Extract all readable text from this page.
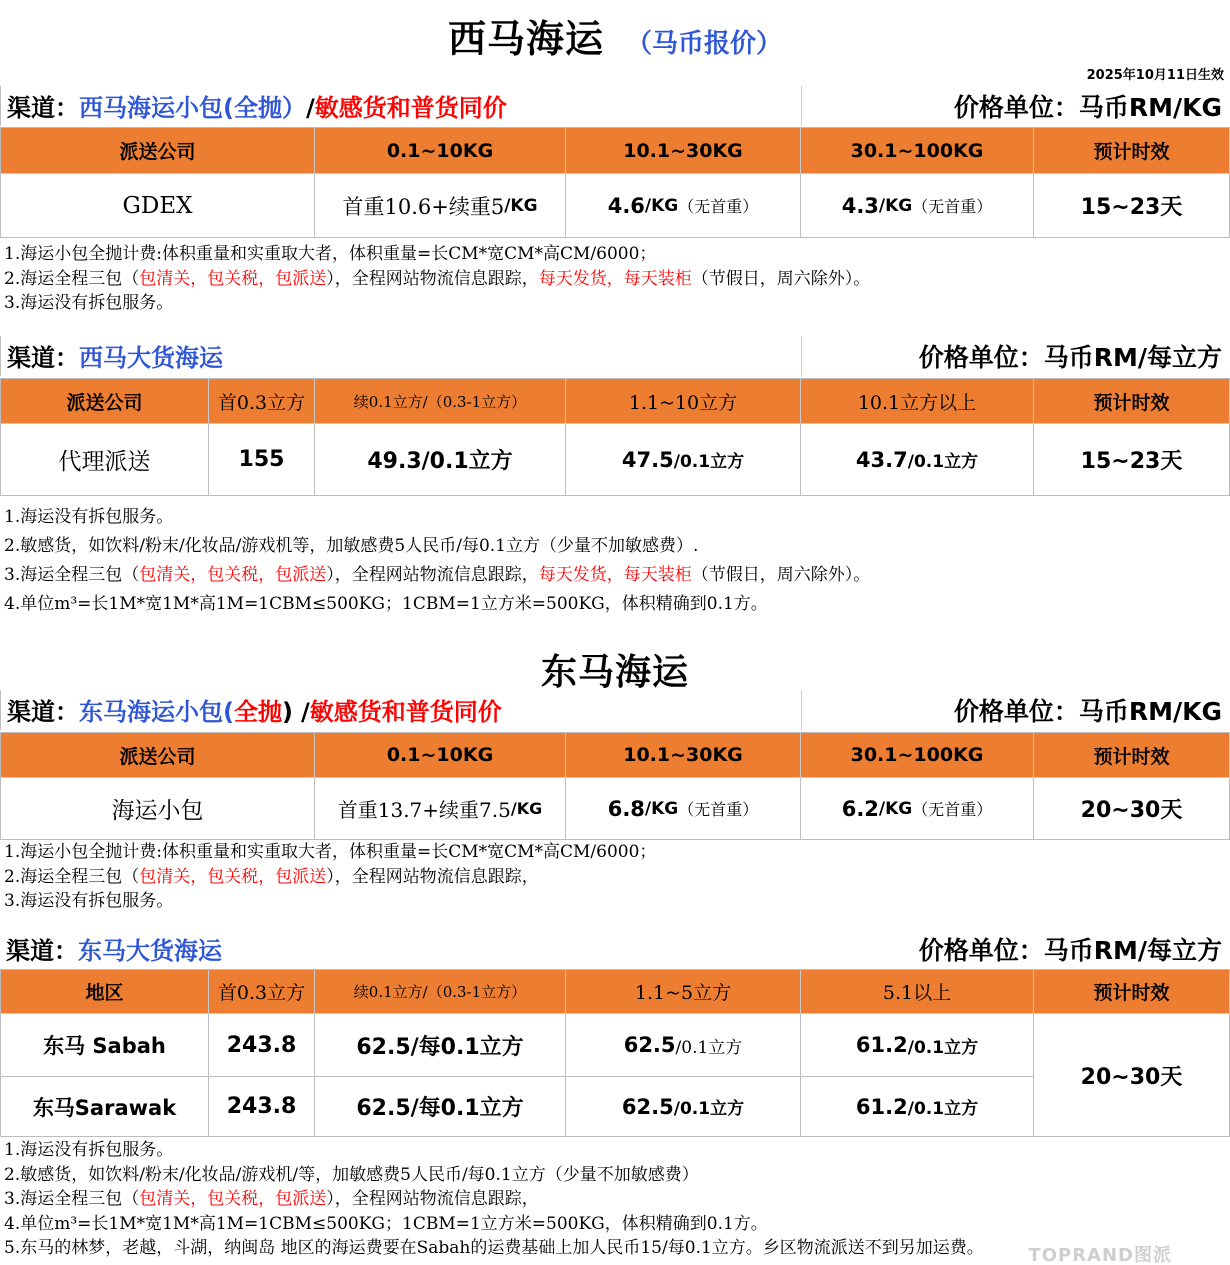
西马海运 （马币报价）
2025年10月11日生效
渠道：西马海运小包(全抛）/敏感货和普货同价	价格单位：马币RM/KG
派送公司	0.1~10KG	10.1~30KG	30.1~100KG	预计时效
GDEX	首重10.6+续重5 /KG	4.6 /KG （无首重）	4.3 /KG （无首重）	15~23天
1.海运小包全抛计费:体积重量和实重取大者，体积重量=长CM*宽CM*高CM/6000；
2.海运全程三包（包清关，包关税，包派送），全程网站物流信息跟踪，每天发货，每天装柜（节假日，周六除外）。
3.海运没有拆包服务。
渠道：西马大货海运	价格单位：马币RM/每立方
派送公司	首0.3立方	续0.1立方/（0.3-1立方）	1.1~10立方	10.1立方以上	预计时效
代理派送	155	49.3/0.1立方	47.5 /0.1立方	43.7 /0.1立方	15~23天
1.海运没有拆包服务。
2.敏感货，如饮料/粉末/化妆品/游戏机等，加敏感费5人民币/每0.1立方（少量不加敏感费）.
3.海运全程三包（包清关，包关税，包派送），全程网站物流信息跟踪，每天发货，每天装柜（节假日，周六除外）。
4.单位m³=长1M*宽1M*高1M=1CBM≤500KG；1CBM=1立方米=500KG，体积精确到0.1方。
东马海运
渠道：东马海运小包(全抛) /敏感货和普货同价	价格单位：马币RM/KG
派送公司	0.1~10KG	10.1~30KG	30.1~100KG	预计时效
海运小包	首重13.7+续重7.5 /KG	6.8 /KG （无首重）	6.2 /KG （无首重）	20~30天
1.海运小包全抛计费:体积重量和实重取大者，体积重量=长CM*宽CM*高CM/6000；
2.海运全程三包（包清关，包关税，包派送），全程网站物流信息跟踪，
3.海运没有拆包服务。
渠道：东马大货海运	价格单位：马币RM/每立方
地区	首0.3立方	续0.1立方/（0.3-1立方）	1.1~5立方	5.1以上	预计时效
东马 Sabah	243.8	62.5/每0.1立方	62.5 /0.1立方	61.2 /0.1立方
东马Sarawak	243.8	62.5/每0.1立方	62.5 /0.1立方	61.2 /0.1立方
20~30天
1.海运没有拆包服务。
2.敏感货，如饮料/粉末/化妆品/游戏机/等，加敏感费5人民币/每0.1立方（少量不加敏感费）
3.海运全程三包（包清关，包关税，包派送），全程网站物流信息跟踪，
4.单位m³=长1M*宽1M*高1M=1CBM≤500KG；1CBM=1立方米=500KG，体积精确到0.1方。
5.东马的林梦，老越，斗湖，纳闽岛 地区的海运费要在Sabah的运费基础上加人民币15/每0.1立方。乡区物流派送不到另加运费。	TOPRAND图派
